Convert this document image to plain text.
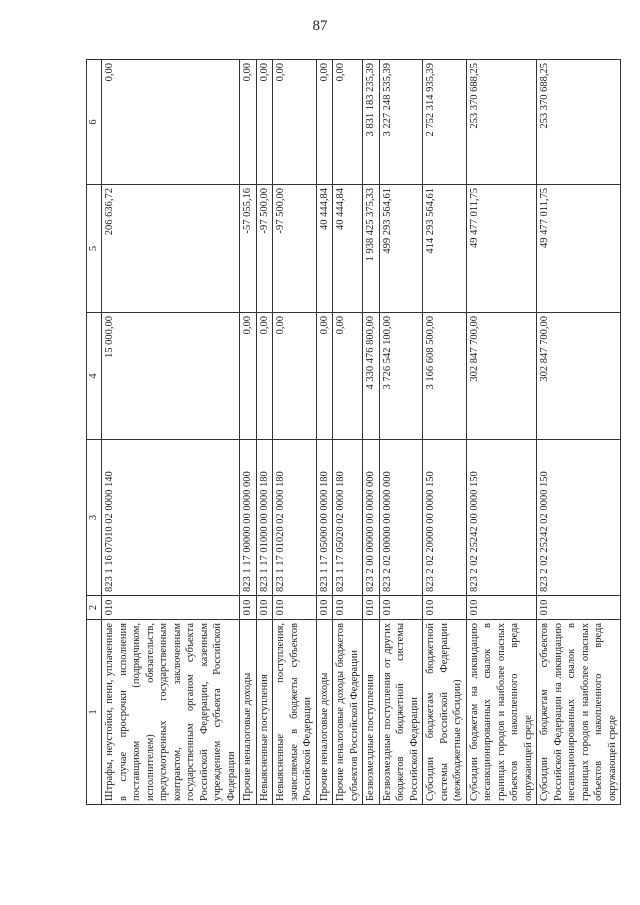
87
1	2	3	4	5	6
Штрафы, неустойки, пени, уплаченные в случае просрочки исполнения поставщиком (подрядчиком, исполнителем) обязательств, предусмотренных государственным контрактом, заключенным государственным органом субъекта Российской Федерации, казенным учреждением субъекта Российской Федерации	010	823 1 16 07010 02 0000 140	15 000,00	206 636,72	0,00
Прочие неналоговые доходы	010	823 1 17 00000 00 0000 000	0,00	-57 055,16	0,00
Невыясненные поступления	010	823 1 17 01000 00 0000 180	0,00	-97 500,00	0,00
Невыясненные поступления, зачисляемые в бюджеты субъектов Российской Федерации	010	823 1 17 01020 02 0000 180	0,00	-97 500,00	0,00
Прочие неналоговые доходы	010	823 1 17 05000 00 0000 180	0,00	40 444,84	0,00
Прочие неналоговые доходы бюджетов субъектов Российской Федерации	010	823 1 17 05020 02 0000 180	0,00	40 444,84	0,00
Безвозмездные поступления	010	823 2 00 00000 00 0000 000	4 330 476 800,00	1 938 425 375,33	3 831 183 235,39
Безвозмездные поступления от других бюджетов бюджетной системы Российской Федерации	010	823 2 02 00000 00 0000 000	3 726 542 100,00	499 293 564,61	3 227 248 535,39
Субсидии бюджетам бюджетной системы Российской Федерации (межбюджетные субсидии)	010	823 2 02 20000 00 0000 150	3 166 608 500,00	414 293 564,61	2 752 314 935,39
Субсидии бюджетам на ликвидацию несанкционированных свалок в границах городов и наиболее опасных объектов накопленного вреда окружающей среде	010	823 2 02 25242 00 0000 150	302 847 700,00	49 477 011,75	253 370 688,25
Субсидии бюджетам субъектов Российской Федерации на ликвидацию несанкционированных свалок в границах городов и наиболее опасных объектов накопленного вреда окружающей среде	010	823 2 02 25242 02 0000 150	302 847 700,00	49 477 011,75	253 370 688,25
